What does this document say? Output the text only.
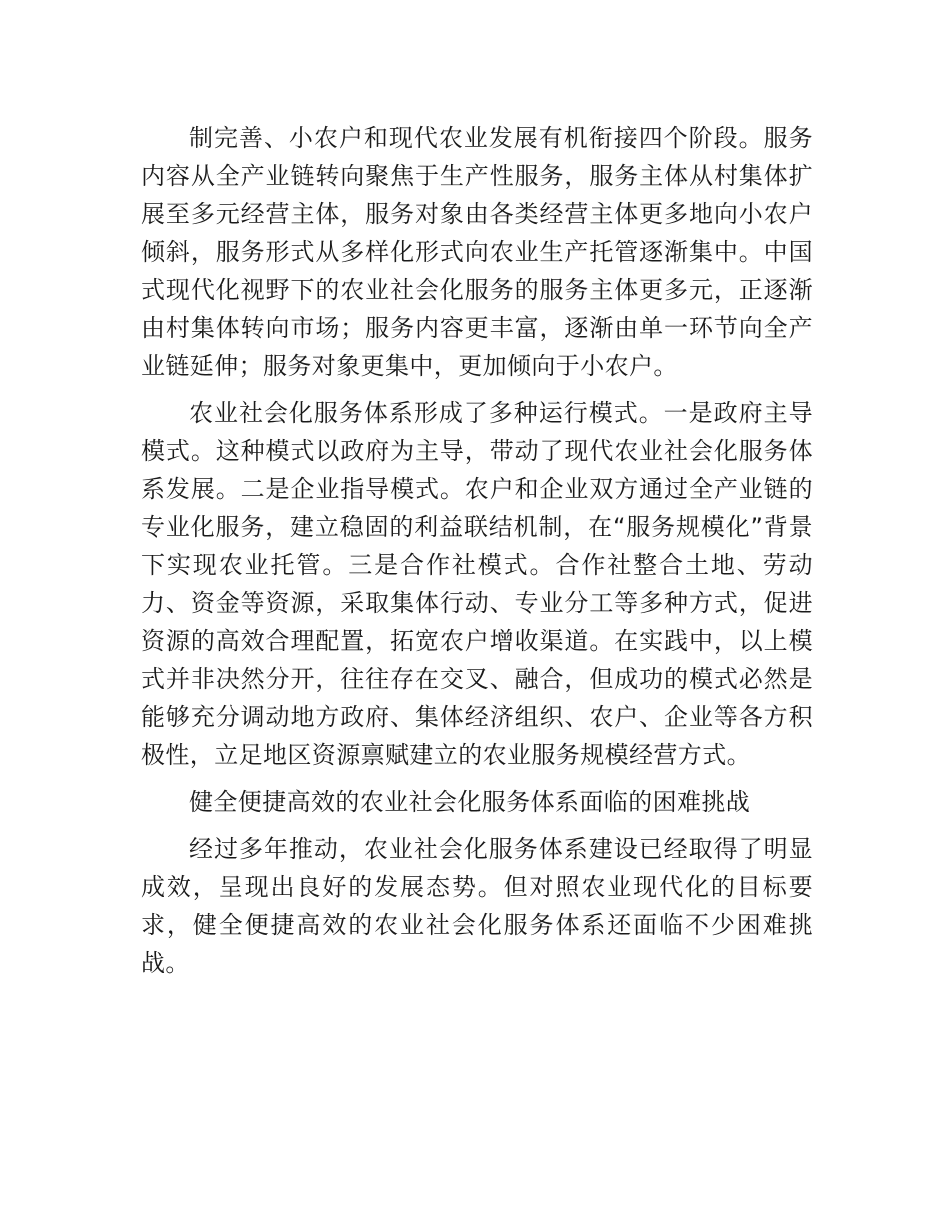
制完善、小农户和现代农业发展有机衔接四个阶段。服务内容从全产业链转向聚焦于生产性服务，服务主体从村集体扩展至多元经营主体，服务对象由各类经营主体更多地向小农户倾斜，服务形式从多样化形式向农业生产托管逐渐集中。中国式现代化视野下的农业社会化服务的服务主体更多元，正逐渐由村集体转向市场；服务内容更丰富，逐渐由单一环节向全产业链延伸；服务对象更集中，更加倾向于小农户。

农业社会化服务体系形成了多种运行模式。一是政府主导模式。这种模式以政府为主导，带动了现代农业社会化服务体系发展。二是企业指导模式。农户和企业双方通过全产业链的专业化服务，建立稳固的利益联结机制，在“服务规模化”背景下实现农业托管。三是合作社模式。合作社整合土地、劳动力、资金等资源，采取集体行动、专业分工等多种方式，促进资源的高效合理配置，拓宽农户增收渠道。在实践中，以上模式并非决然分开，往往存在交叉、融合，但成功的模式必然是能够充分调动地方政府、集体经济组织、农户、企业等各方积极性，立足地区资源禀赋建立的农业服务规模经营方式。

健全便捷高效的农业社会化服务体系面临的困难挑战

经过多年推动，农业社会化服务体系建设已经取得了明显成效，呈现出良好的发展态势。但对照农业现代化的目标要求，健全便捷高效的农业社会化服务体系还面临不少困难挑战。
